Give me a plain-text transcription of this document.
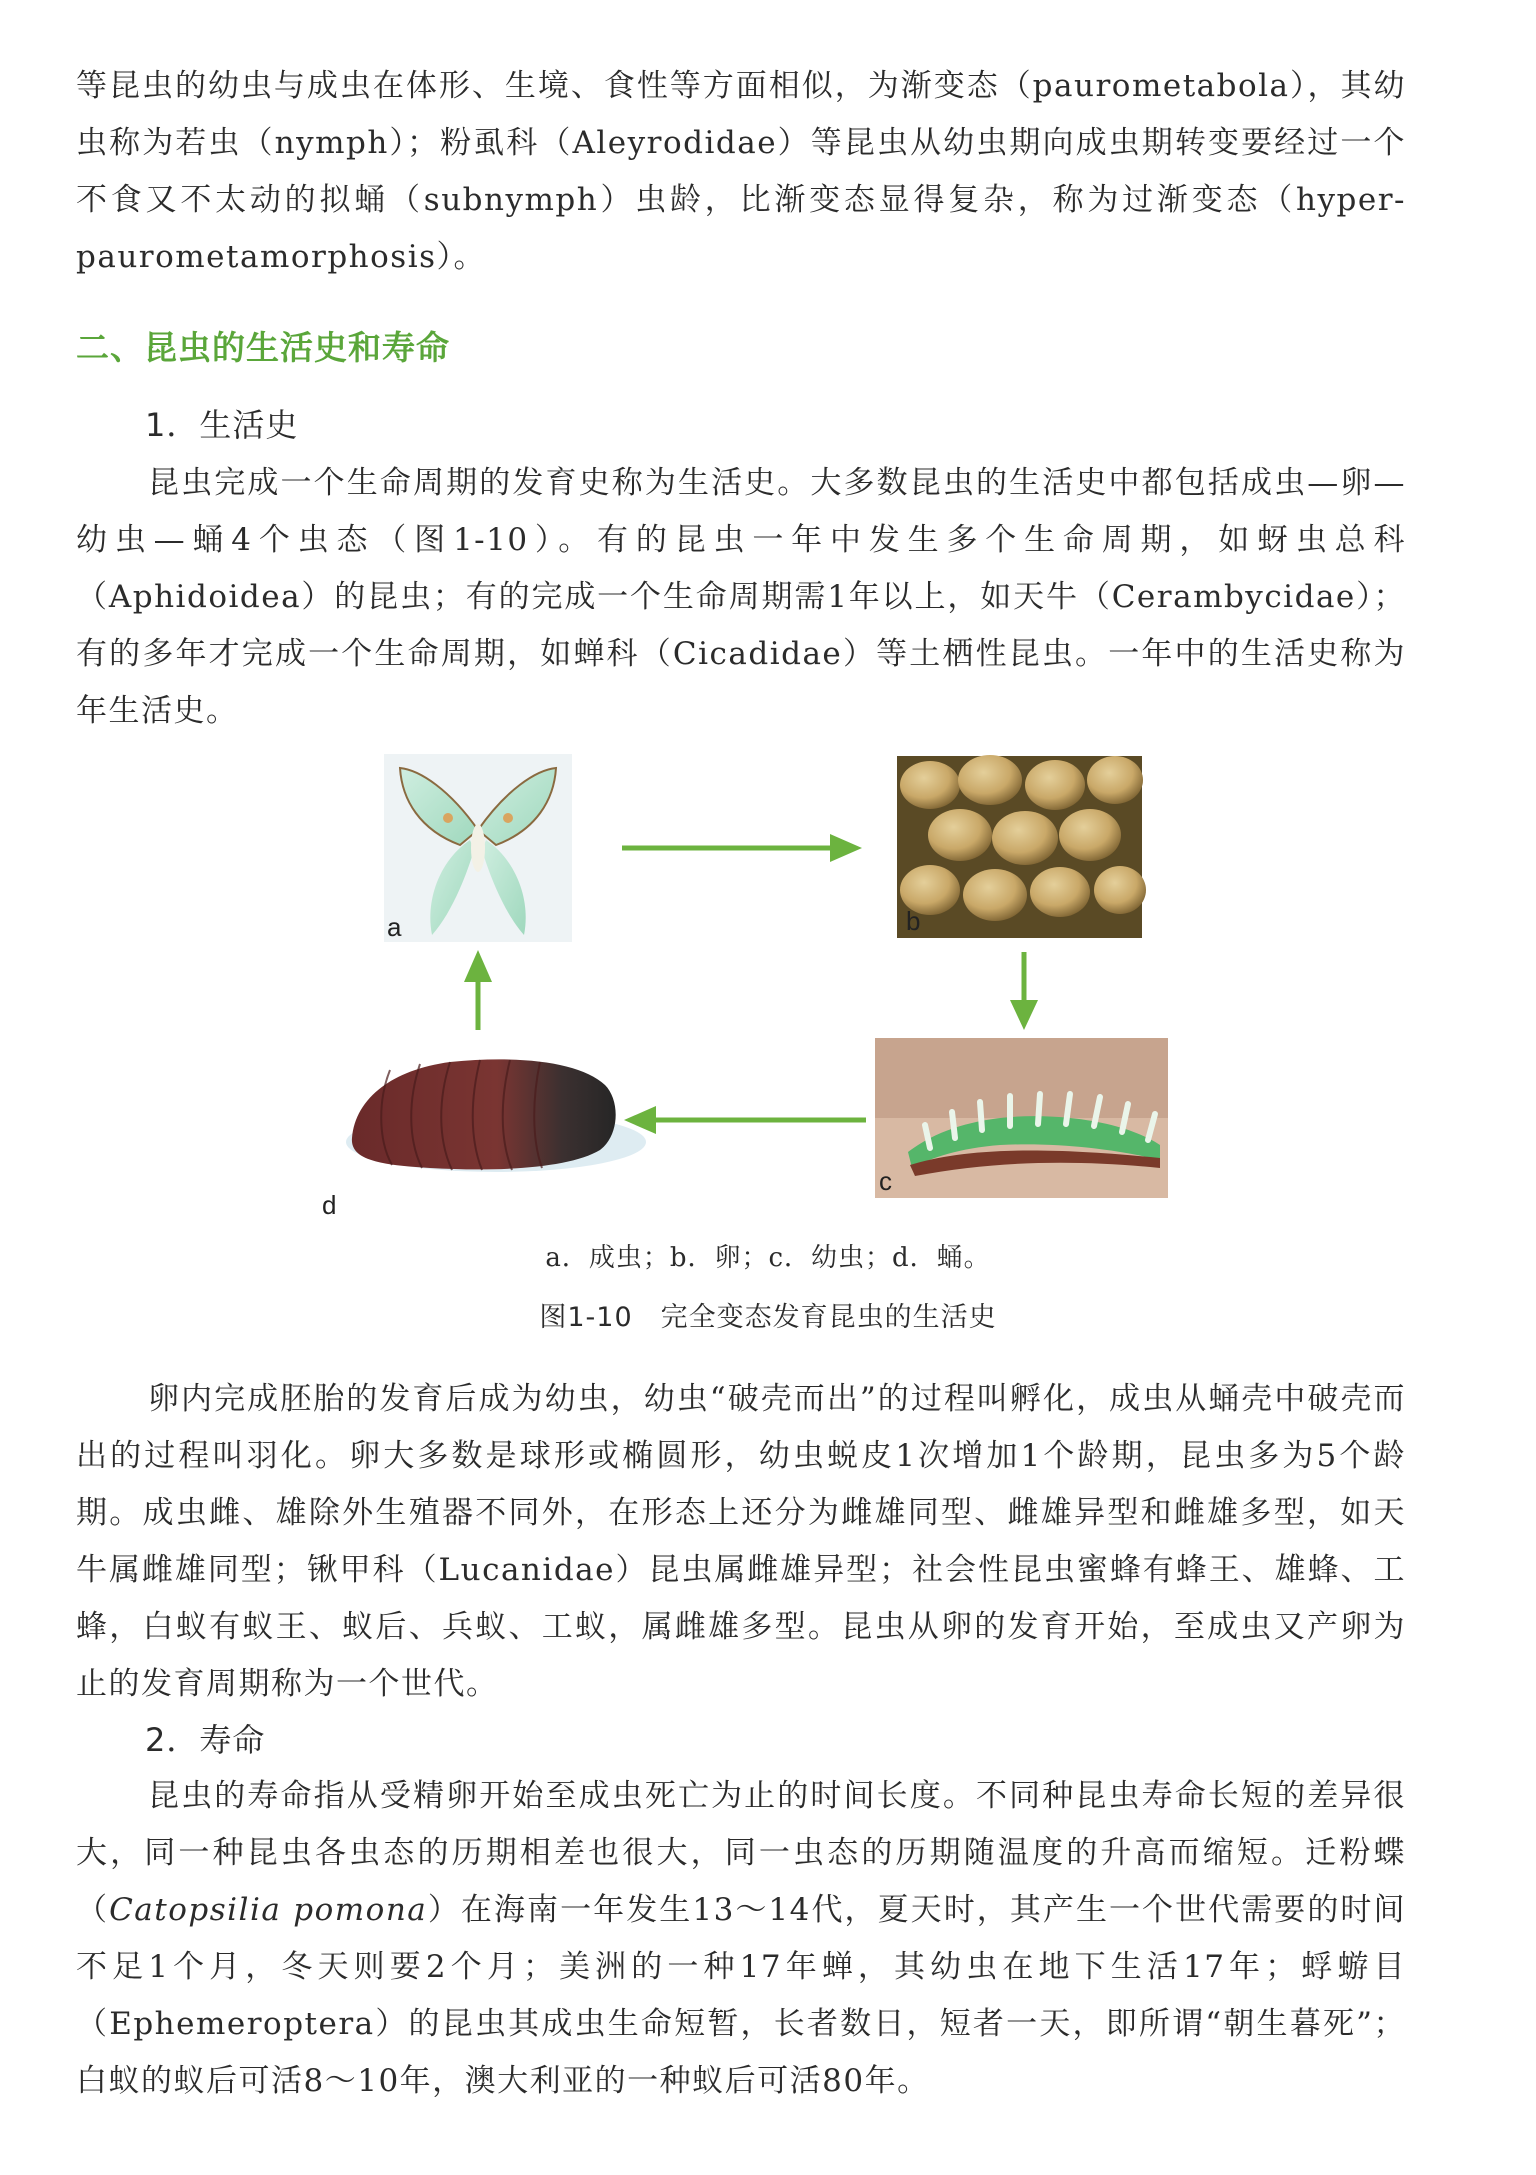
等昆虫的幼虫与成虫在体形、生境、食性等方面相似，为渐变态（paurometabola），其幼虫称为若虫（nymph）；粉虱科（Aleyrodidae）等昆虫从幼虫期向成虫期转变要经过一个不食又不太动的拟蛹（subnymph）虫龄，比渐变态显得复杂，称为过渐变态（hyper-paurometamorphosis）。

二、昆虫的生活史和寿命
1．生活史

昆虫完成一个生命周期的发育史称为生活史。大多数昆虫的生活史中都包括成虫—卵—幼虫—蛹4个虫态（图1-10）。有的昆虫一年中发生多个生命周期，如蚜虫总科（Aphidoidea）的昆虫；有的完成一个生命周期需1年以上，如天牛（Cerambycidae）；有的多年才完成一个生命周期，如蝉科（Cicadidae）等土栖性昆虫。一年中的生活史称为年生活史。

a	b
c
d

a．成虫；b．卵；c．幼虫；d．蛹。

图1-10　完全变态发育昆虫的生活史

卵内完成胚胎的发育后成为幼虫，幼虫“破壳而出”的过程叫孵化，成虫从蛹壳中破壳而出的过程叫羽化。卵大多数是球形或椭圆形，幼虫蜕皮1次增加1个龄期，昆虫多为5个龄期。成虫雌、雄除外生殖器不同外，在形态上还分为雌雄同型、雌雄异型和雌雄多型，如天牛属雌雄同型；锹甲科（Lucanidae）昆虫属雌雄异型；社会性昆虫蜜蜂有蜂王、雄蜂、工蜂，白蚁有蚁王、蚁后、兵蚁、工蚁，属雌雄多型。昆虫从卵的发育开始，至成虫又产卵为止的发育周期称为一个世代。

2．寿命

昆虫的寿命指从受精卵开始至成虫死亡为止的时间长度。不同种昆虫寿命长短的差异很大，同一种昆虫各虫态的历期相差也很大，同一虫态的历期随温度的升高而缩短。迁粉蝶（Catopsilia pomona）在海南一年发生13～14代，夏天时，其产生一个世代需要的时间不足1个月，冬天则要2个月；美洲的一种17年蝉，其幼虫在地下生活17年；蜉蝣目（Ephemeroptera）的昆虫其成虫生命短暂，长者数日，短者一天，即所谓“朝生暮死”；白蚁的蚁后可活8～10年，澳大利亚的一种蚁后可活80年。
